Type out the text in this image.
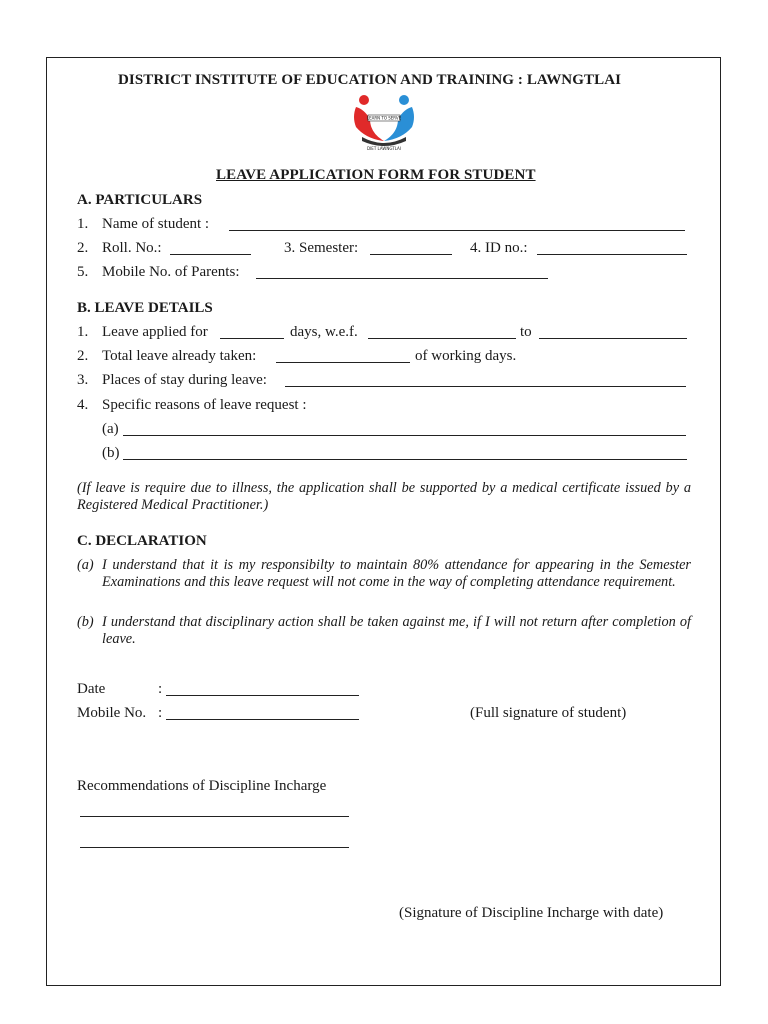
DISTRICT INSTITUTE OF EDUCATION AND TRAINING : LAWNGTLAI
LEARN TO SERVE
DIET LAWNGTLAI
LEAVE APPLICATION FORM FOR STUDENT
A. PARTICULARS
1. Name of student :
2. Roll. No.:	3. Semester:	4. ID no.:
5. Mobile No. of Parents:
B. LEAVE DETAILS
1. Leave applied for	days, w.e.f.	to
2. Total leave already taken:	of working days.
3. Places of stay during leave:
4. Specific reasons of leave request :
(a)
(b)
(If leave is require due to illness, the application shall be supported by a medical certificate issued by a Registered Medical Practitioner.)
C. DECLARATION
(a) I understand that it is my responsibilty to maintain 80% attendance for appearing in the Semester Examinations and this leave request will not come in the way of completing attendance requirement.
(b) I understand that disciplinary action shall be taken against me, if I will not return after completion of leave.
Date	:
Mobile No. :	(Full signature of student)
Recommendations of Discipline Incharge
(Signature of Discipline Incharge with date)
